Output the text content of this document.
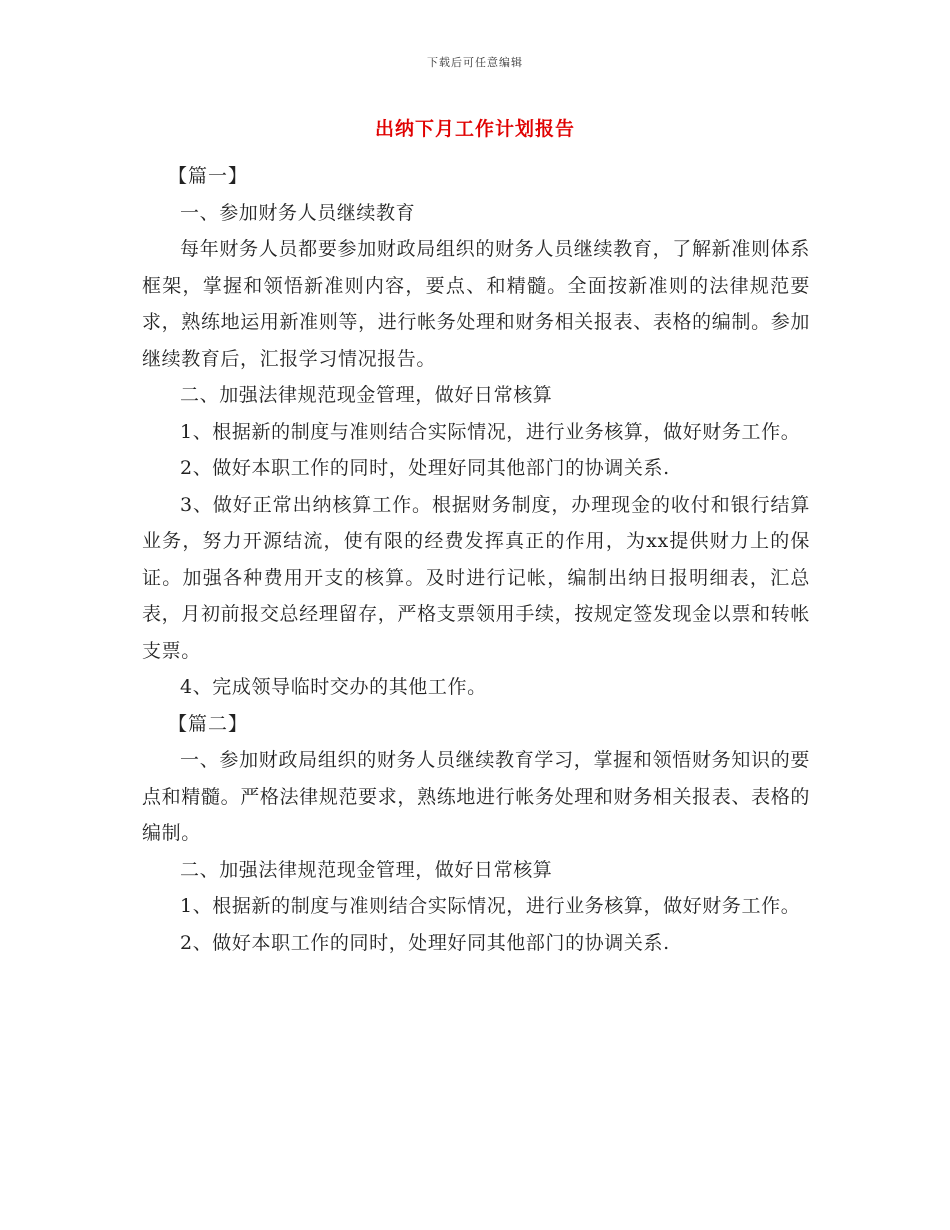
下载后可任意编辑
出纳下月工作计划报告

【篇一】

一、参加财务人员继续教育

每年财务人员都要参加财政局组织的财务人员继续教育，了解新准则体系框架，掌握和领悟新准则内容，要点、和精髓。全面按新准则的法律规范要求，熟练地运用新准则等，进行帐务处理和财务相关报表、表格的编制。参加继续教育后，汇报学习情况报告。

二、加强法律规范现金管理，做好日常核算

1、根据新的制度与准则结合实际情况，进行业务核算，做好财务工作。

2、做好本职工作的同时，处理好同其他部门的协调关系.

3、做好正常出纳核算工作。根据财务制度，办理现金的收付和银行结算业务，努力开源结流，使有限的经费发挥真正的作用，为xx提供财力上的保证。加强各种费用开支的核算。及时进行记帐，编制出纳日报明细表，汇总表，月初前报交总经理留存，严格支票领用手续，按规定签发现金以票和转帐支票。

4、完成领导临时交办的其他工作。

【篇二】

一、参加财政局组织的财务人员继续教育学习，掌握和领悟财务知识的要点和精髓。严格法律规范要求，熟练地进行帐务处理和财务相关报表、表格的编制。

二、加强法律规范现金管理，做好日常核算

1、根据新的制度与准则结合实际情况，进行业务核算，做好财务工作。

2、做好本职工作的同时，处理好同其他部门的协调关系.
